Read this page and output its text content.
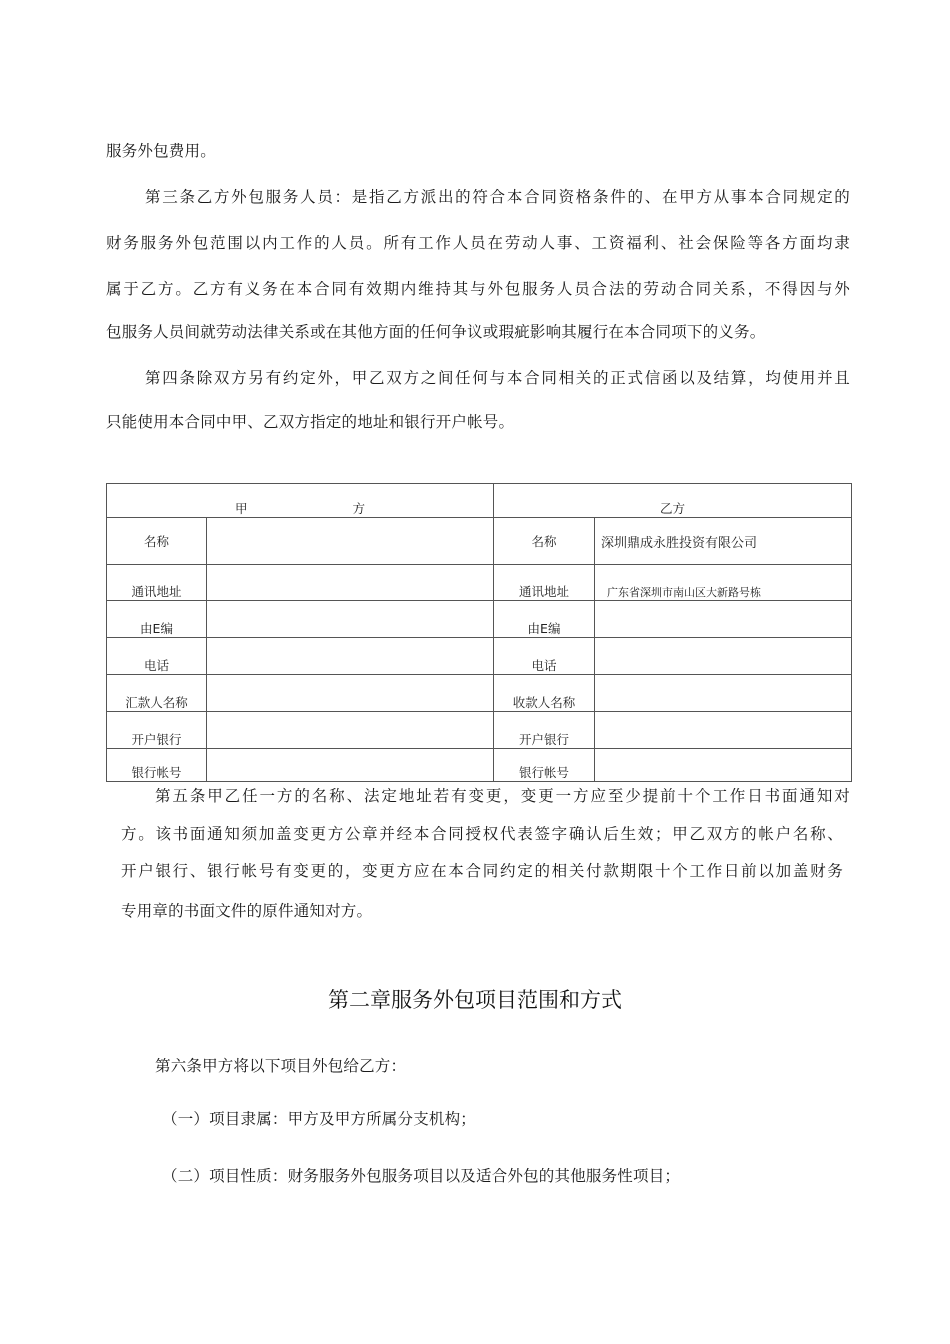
服务外包费用。
第三条乙方外包服务人员：是指乙方派出的符合本合同资格条件的、在甲方从事本合同规定的
财务服务外包范围以内工作的人员。所有工作人员在劳动人事、工资福利、社会保险等各方面均隶
属于乙方。乙方有义务在本合同有效期内维持其与外包服务人员合法的劳动合同关系，不得因与外
包服务人员间就劳动法律关系或在其他方面的任何争议或瑕疵影响其履行在本合同项下的义务。
第四条除双方另有约定外，甲乙双方之间任何与本合同相关的正式信函以及结算，均使用并且
只能使用本合同中甲、乙双方指定的地址和银行开户帐号。
甲方		乙方	
名称		名称	深圳鼎成永胜投资有限公司
通讯地址		通讯地址	广东省深圳市南山区大新路号栋
由E编		由E编	
电话		电话	
汇款人名称		收款人名称	
开户银行		开户银行	
银行帐号		银行帐号	
第五条甲乙任一方的名称、法定地址若有变更，变更一方应至少提前十个工作日书面通知对
方。该书面通知须加盖变更方公章并经本合同授权代表签字确认后生效；甲乙双方的帐户名称、
开户银行、银行帐号有变更的，变更方应在本合同约定的相关付款期限十个工作日前以加盖财务
专用章的书面文件的原件通知对方。
第二章服务外包项目范围和方式
第六条甲方将以下项目外包给乙方：
（一）项目隶属：甲方及甲方所属分支机构；
（二）项目性质：财务服务外包服务项目以及适合外包的其他服务性项目；
